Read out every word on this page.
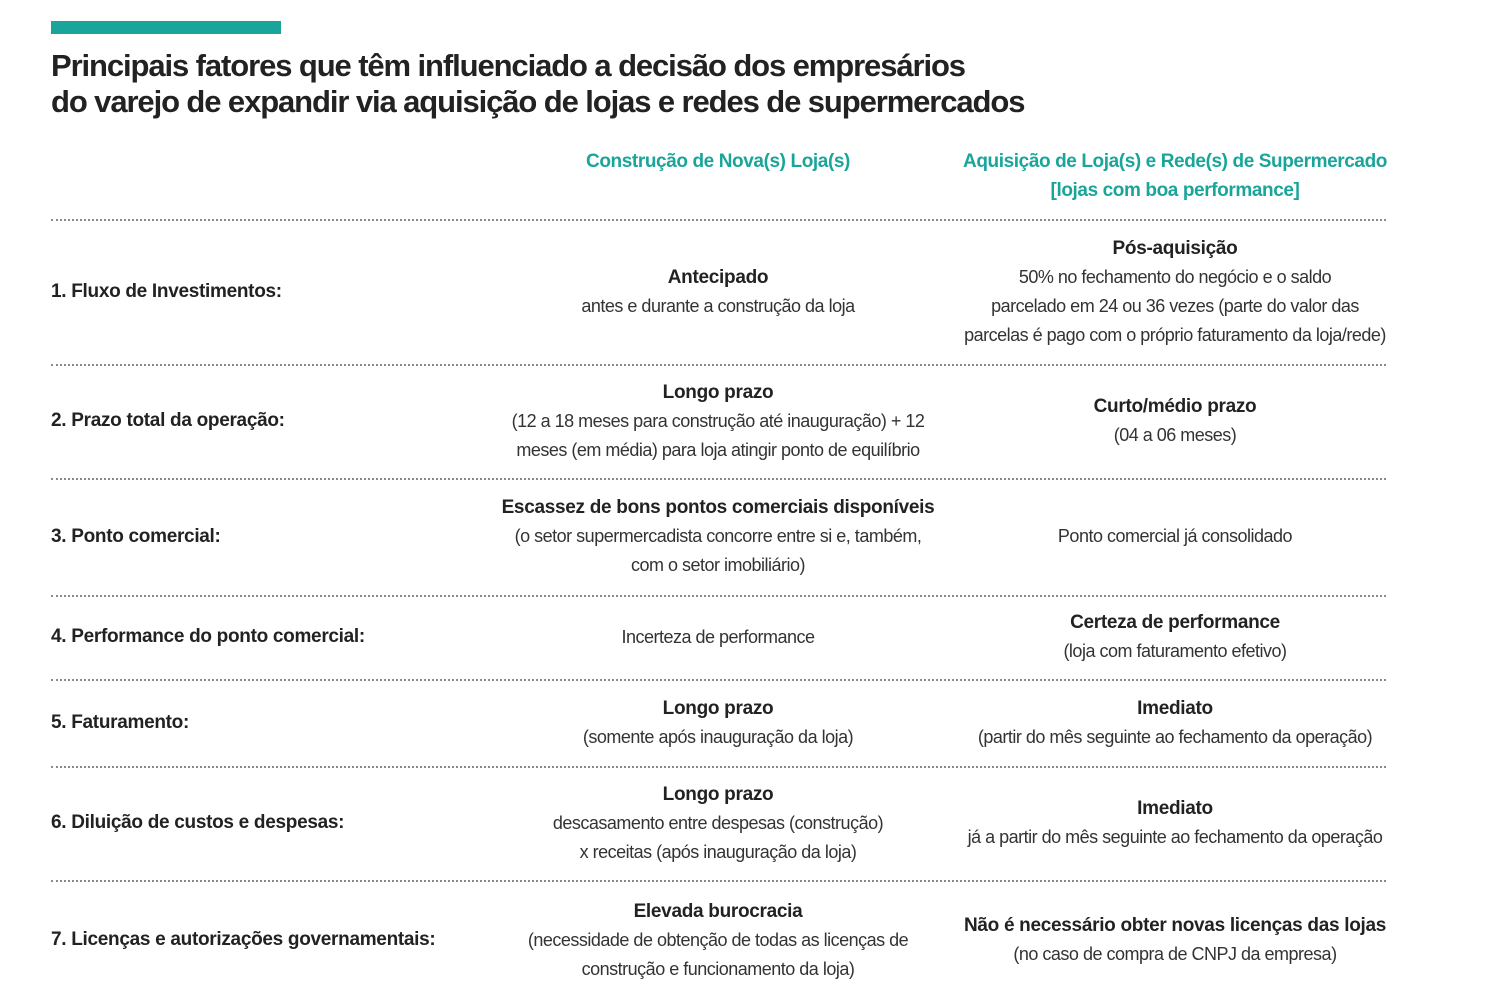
Principais fatores que têm influenciado a decisão dos empresários
do varejo de expandir via aquisição de lojas e redes de supermercados
Construção de Nova(s) Loja(s)	Aquisição de Loja(s) e Rede(s) de Supermercado
[lojas com boa performance]
1. Fluxo de Investimentos:
Antecipado
antes e durante a construção da loja
Pós-aquisição
50% no fechamento do negócio e o saldo
parcelado em 24 ou 36 vezes (parte do valor das
parcelas é pago com o próprio faturamento da loja/rede)
2. Prazo total da operação:
Longo prazo
(12 a 18 meses para construção até inauguração) + 12
meses (em média) para loja atingir ponto de equilíbrio
Curto/médio prazo
(04 a 06 meses)
3. Ponto comercial:
Escassez de bons pontos comerciais disponíveis
(o setor supermercadista concorre entre si e, também,
com o setor imobiliário)
Ponto comercial já consolidado
4. Performance do ponto comercial:	Incerteza de performance
Certeza de performance
(loja com faturamento efetivo)
5. Faturamento:
Longo prazo
(somente após inauguração da loja)
Imediato
(partir do mês seguinte ao fechamento da operação)
6. Diluição de custos e despesas:
Longo prazo
descasamento entre despesas (construção)
x receitas (após inauguração da loja)
Imediato
já a partir do mês seguinte ao fechamento da operação
7. Licenças e autorizações governamentais:
Elevada burocracia
(necessidade de obtenção de todas as licenças de
construção e funcionamento da loja)
Não é necessário obter novas licenças das lojas
(no caso de compra de CNPJ da empresa)
